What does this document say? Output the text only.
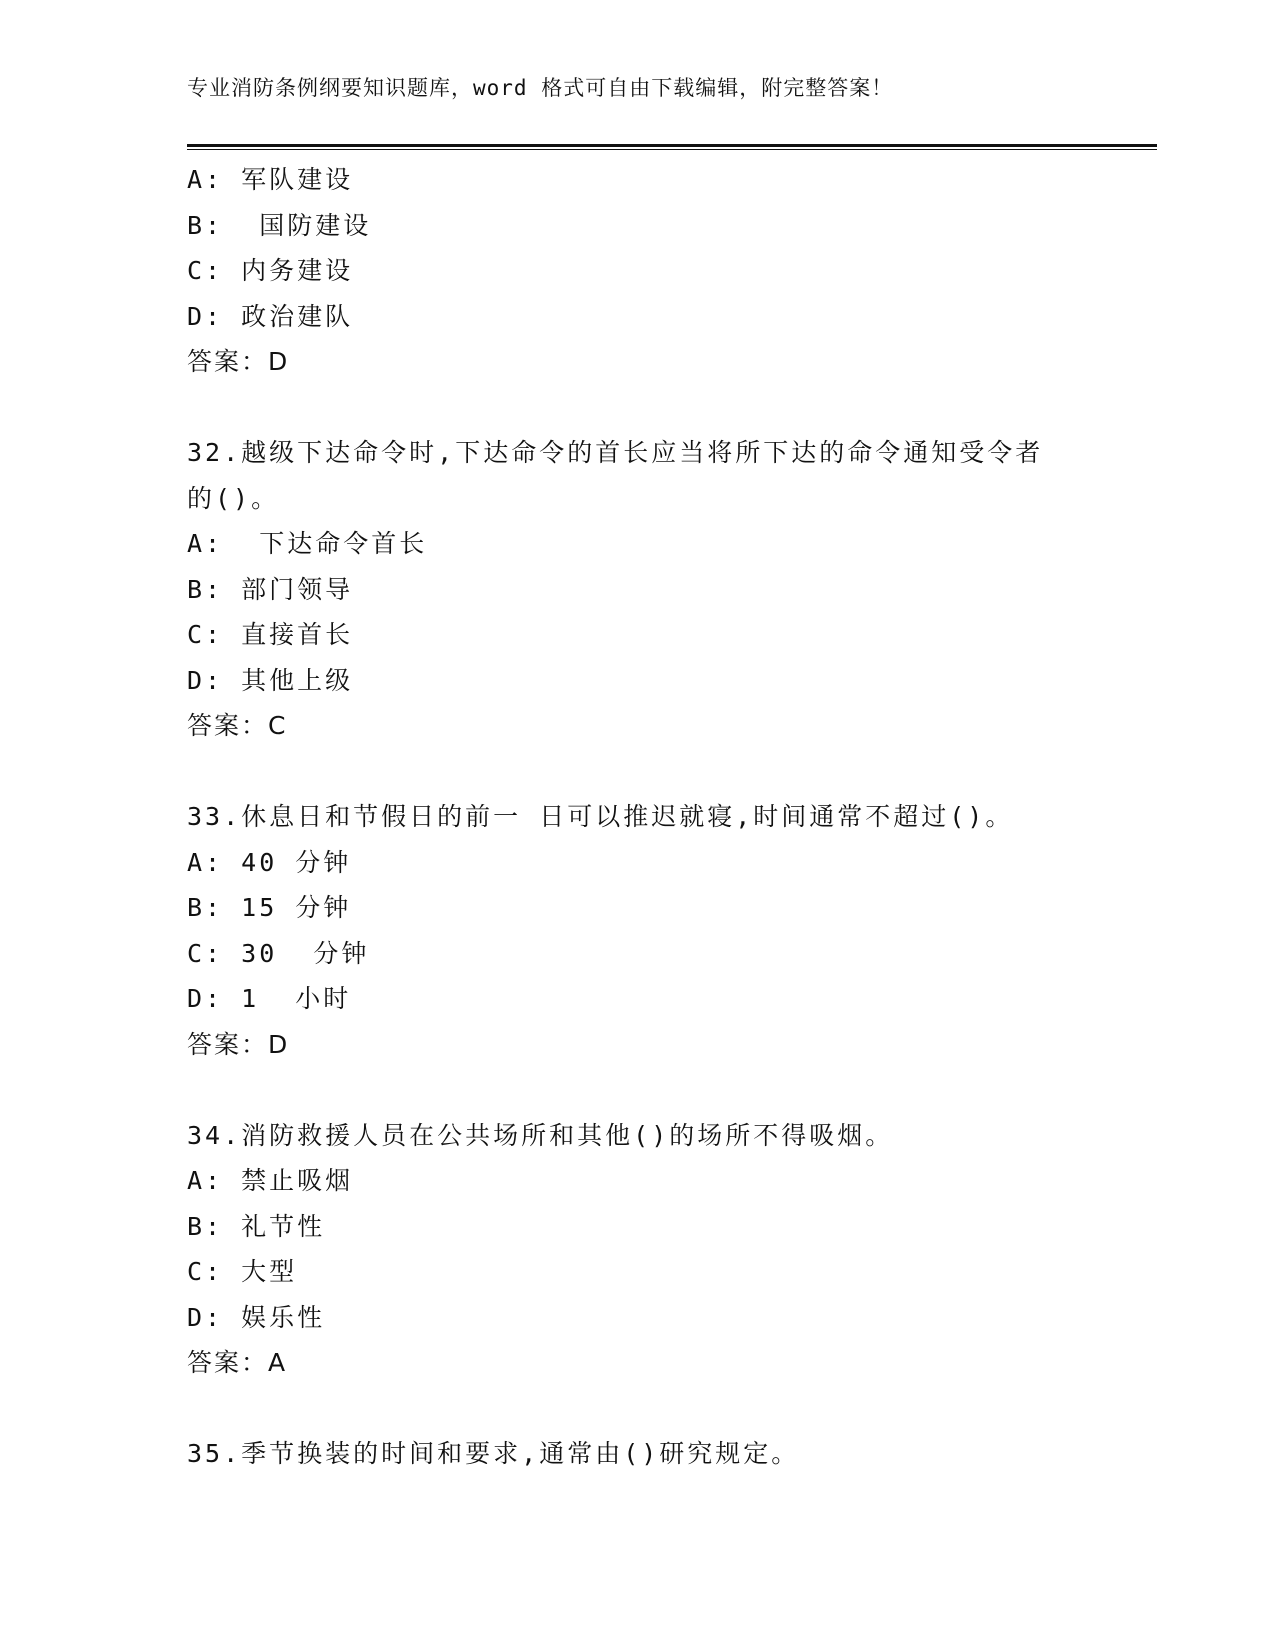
专业消防条例纲要知识题库，word 格式可自由下载编辑，附完整答案！
A: 军队建设
B:  国防建设
C: 内务建设
D: 政治建队
答案：D
32.越级下达命令时,下达命令的首长应当将所下达的命令通知受令者
的()。
A:  下达命令首长
B: 部门领导
C: 直接首长
D: 其他上级
答案：C
33.休息日和节假日的前一 日可以推迟就寝,时间通常不超过()。
A: 40 分钟
B: 15 分钟
C: 30  分钟
D: 1  小时
答案：D
34.消防救援人员在公共场所和其他()的场所不得吸烟。
A: 禁止吸烟
B: 礼节性
C: 大型
D: 娱乐性
答案：A
35.季节换装的时间和要求,通常由()研究规定。
